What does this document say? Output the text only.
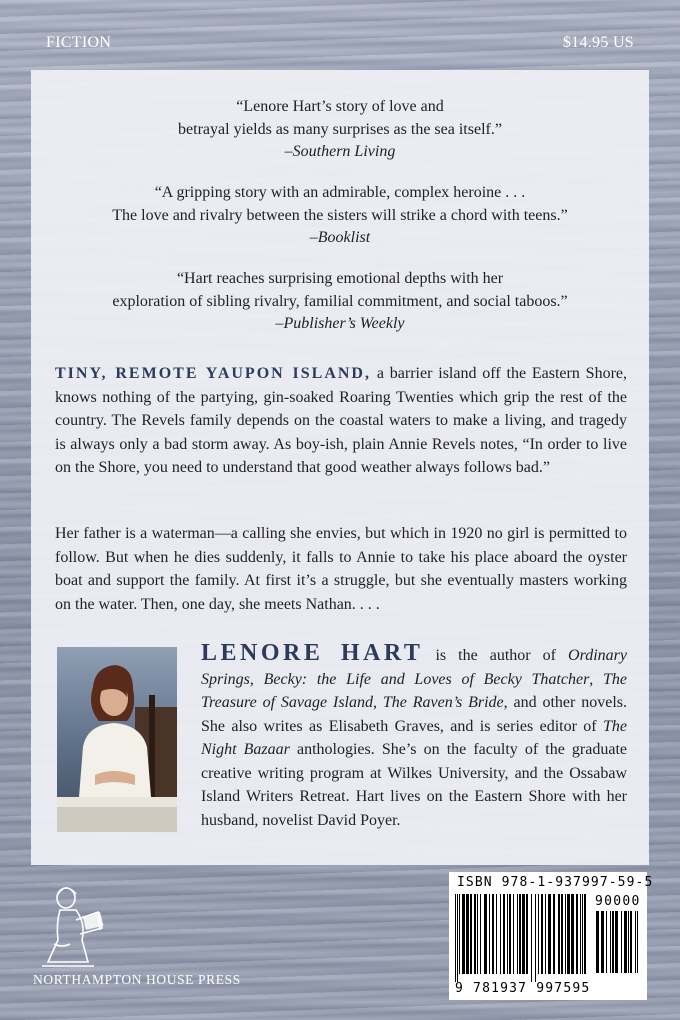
FICTION	$14.95 US
“Lenore Hart’s story of love and
betrayal yields as many surprises as the sea itself.”
–Southern Living
“A gripping story with an admirable, complex heroine . . .
The love and rivalry between the sisters will strike a chord with teens.”
–Booklist
“Hart reaches surprising emotional depths with her
exploration of sibling rivalry, familial commitment, and social taboos.”
–Publisher’s Weekly
TINY, REMOTE YAUPON ISLAND, a barrier island off the Eastern Shore, knows nothing of the partying, gin-soaked Roaring Twenties which grip the rest of the country. The Revels family depends on the coastal waters to make a living, and tragedy is always only a bad storm away. As boy-ish, plain Annie Revels notes, “In order to live on the Shore, you need to understand that good weather always follows bad.”
Her father is a waterman—a calling she envies, but which in 1920 no girl is permitted to follow. But when he dies suddenly, it falls to Annie to take his place aboard the oyster boat and support the family. At first it’s a struggle, but she eventually masters working on the water. Then, one day, she meets Nathan. . . .
LENORE HART is the author of Ordinary Springs, Becky: the Life and Loves of Becky Thatcher, The Treasure of Savage Island, The Raven’s Bride, and other novels. She also writes as Elisabeth Graves, and is series editor of The Night Bazaar anthologies. She’s on the faculty of the graduate creative writing program at Wilkes University, and the Ossabaw Island Writers Retreat. Hart lives on the Eastern Shore with her husband, novelist David Poyer.
NORTHAMPTON HOUSE PRESS
ISBN 978-1-937997-59-5
90000
9 781937 997595
